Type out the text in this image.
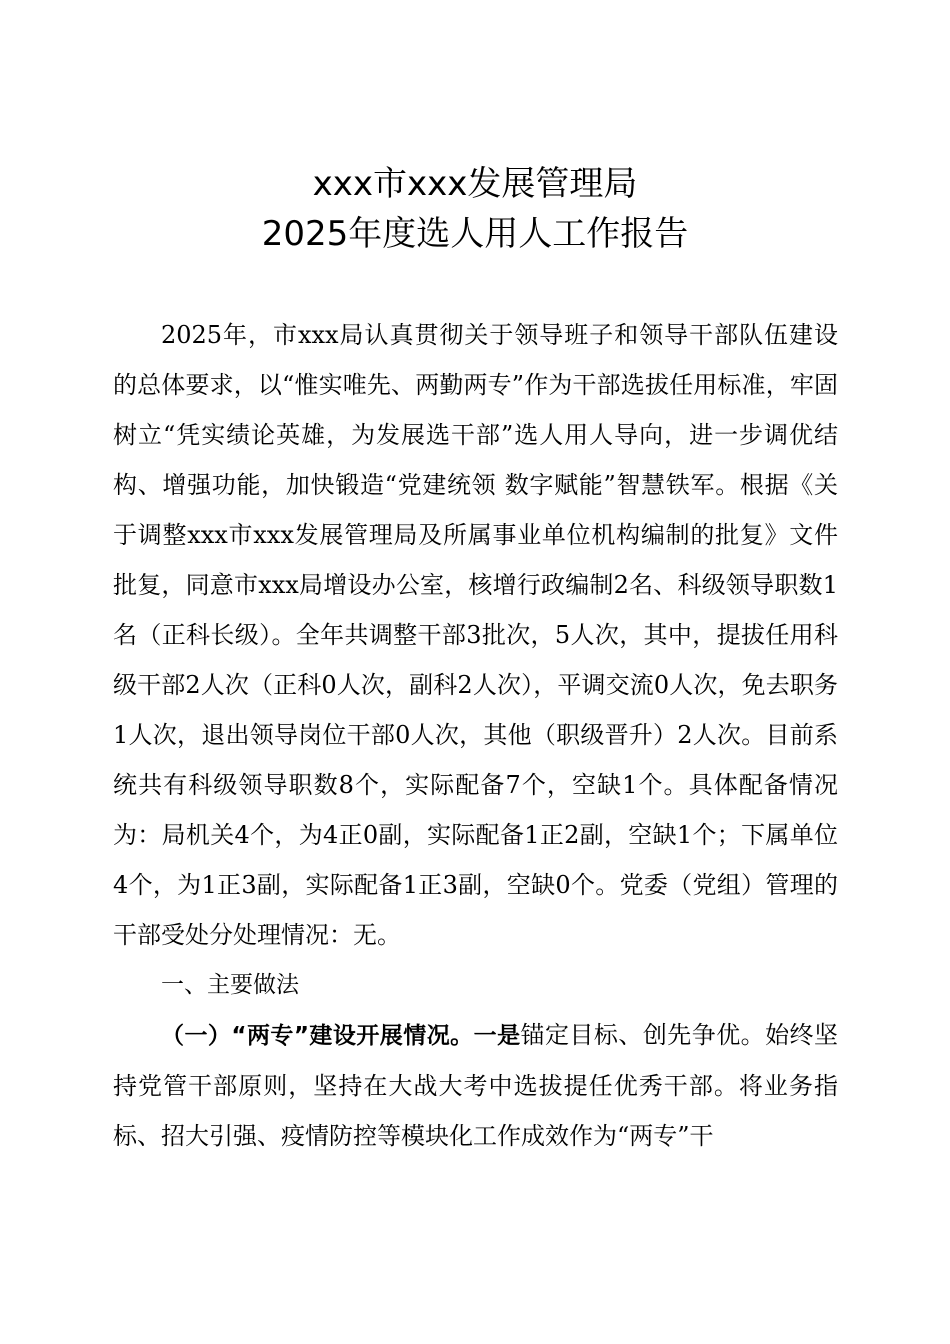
xxx市xxx发展管理局
2025年度选人用人工作报告

2025年，市xxx局认真贯彻关于领导班子和领导干部队伍建设的总体要求，以“惟实唯先、两勤两专”作为干部选拔任用标准，牢固树立“凭实绩论英雄，为发展选干部”选人用人导向，进一步调优结构、增强功能，加快锻造“党建统领 数字赋能”智慧铁军。根据《关于调整xxx市xxx发展管理局及所属事业单位机构编制的批复》文件批复，同意市xxx局增设办公室，核增行政编制2名、科级领导职数1名（正科长级）。全年共调整干部3批次，5人次，其中，提拔任用科级干部2人次（正科0人次，副科2人次），平调交流0人次，免去职务1人次，退出领导岗位干部0人次，其他（职级晋升）2人次。目前系统共有科级领导职数8个，实际配备7个，空缺1个。具体配备情况为：局机关4个，为4正0副，实际配备1正2副，空缺1个；下属单位4个，为1正3副，实际配备1正3副，空缺0个。党委（党组）管理的干部受处分处理情况：无。

一、主要做法

（一）“两专”建设开展情况。一是锚定目标、创先争优。始终坚持党管干部原则，坚持在大战大考中选拔提任优秀干部。将业务指标、招大引强、疫情防控等模块化工作成效作为“两专”干
